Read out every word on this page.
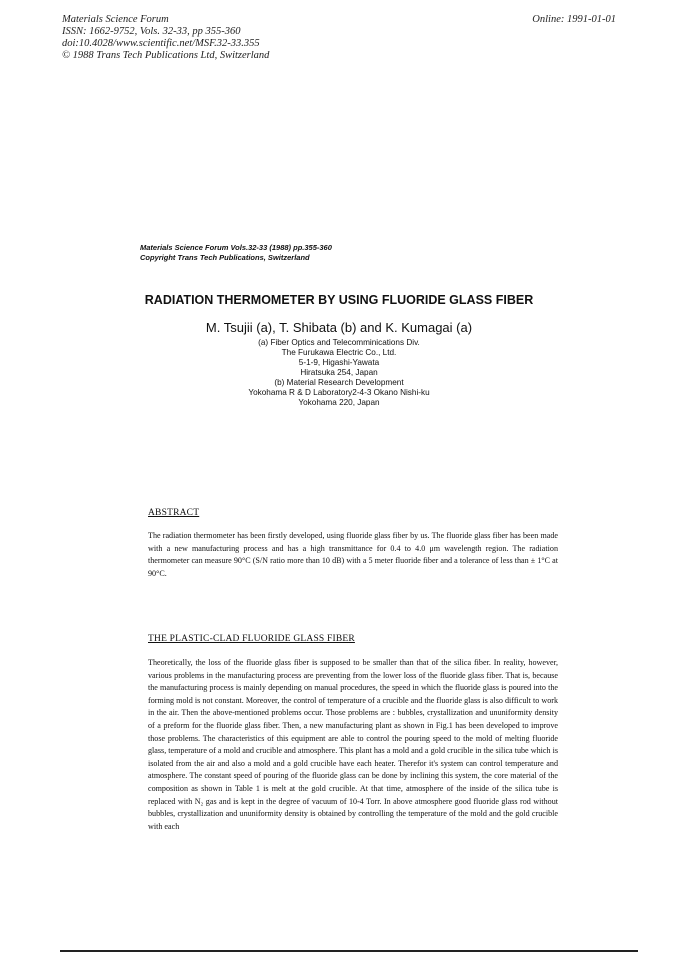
Materials Science Forum
ISSN: 1662-9752, Vols. 32-33, pp 355-360
doi:10.4028/www.scientific.net/MSF.32-33.355
© 1988 Trans Tech Publications Ltd, Switzerland
Online: 1991-01-01
Materials Science Forum Vols.32-33 (1988) pp.355-360
Copyright Trans Tech Publications, Switzerland
RADIATION THERMOMETER BY USING FLUORIDE GLASS FIBER
M. Tsujii (a), T. Shibata (b) and K. Kumagai (a)
(a) Fiber Optics and Telecomminications Div.
The Furukawa Electric Co., Ltd.
5-1-9, Higashi-Yawata
Hiratsuka 254, Japan
(b) Material Research Development
Yokohama R & D Laboratory2-4-3 Okano Nishi-ku
Yokohama 220, Japan
ABSTRACT
The radiation thermometer has been firstly developed, using fluoride glass fiber by us. The fluoride glass fiber has been made with a new manufacturing process and has a high transmittance for 0.4 to 4.0 μm wavelength region. The radiation thermometer can measure 90°C (S/N ratio more than 10 dB) with a 5 meter fluoride fiber and a tolerance of less than ± 1°C at 90°C.
THE PLASTIC-CLAD FLUORIDE GLASS FIBER
Theoretically, the loss of the fluoride glass fiber is supposed to be smaller than that of the silica fiber. In reality, however, various problems in the manufacturing process are preventing from the lower loss of the fluoride glass fiber. That is, because the manufacturing process is mainly depending on manual procedures, the speed in which the fluoride glass is poured into the forming mold is not constant. Moreover, the control of temperature of a crucible and the fluoride glass is also difficult to work in the air. Then the above-mentioned problems occur. Those problems are : bubbles, crystallization and ununiformity density of a preform for the fluoride glass fiber. Then, a new manufacturing plant as shown in Fig.1 has been developed to improve those problems. The characteristics of this equipment are able to control the pouring speed to the mold of melting fluoride glass, temperature of a mold and crucible and atmosphere. This plant has a mold and a gold crucible in the silica tube which is isolated from the air and also a mold and a gold crucible have each heater. Therefor it's system can control temperature and atmosphere. The constant speed of pouring of the fluoride glass can be done by inclining this system, the core material of the composition as shown in Table 1 is melt at the gold crucible. At that time, atmosphere of the inside of the silica tube is replaced with N₂ gas and is kept in the degree of vacuum of 10-4 Torr. In above atmosphere good fluoride glass rod without bubbles, crystallization and ununiformity density is obtained by controlling the temperature of the mold and the gold crucible with each
